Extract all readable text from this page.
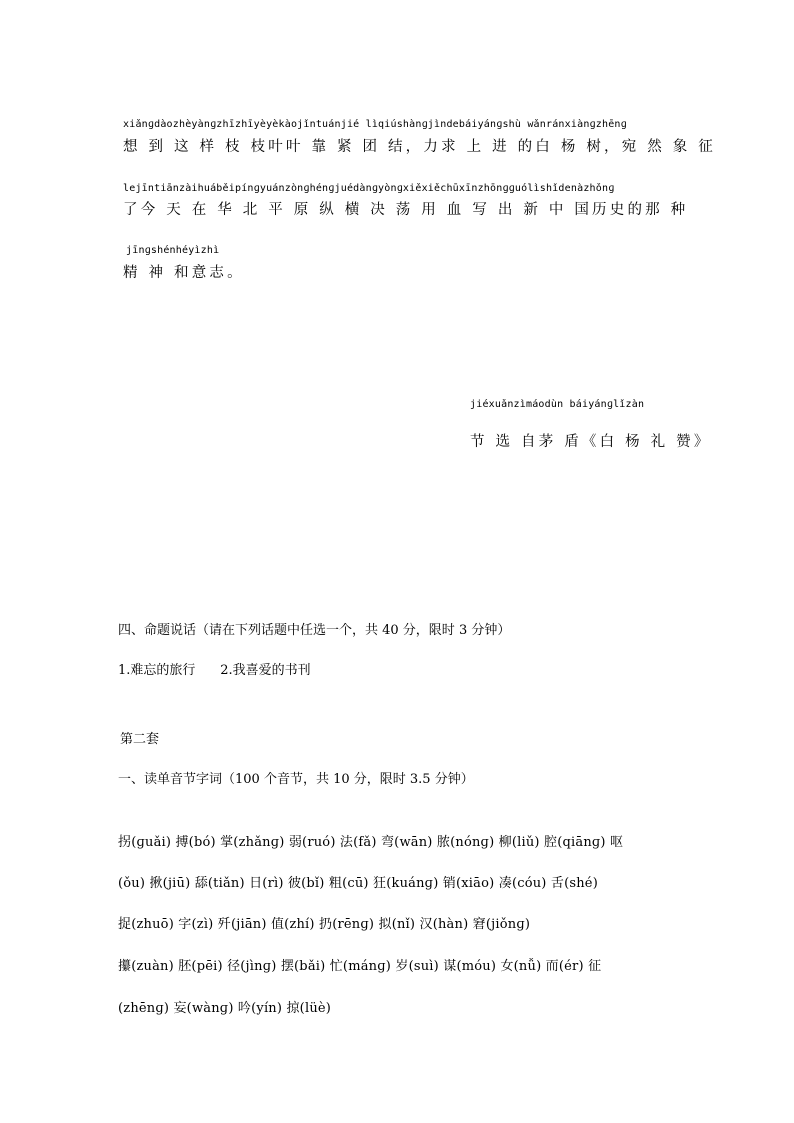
xiǎnɡdàozhèyànɡzhīzhīyèyèkàojǐntuánjié lìqiúshànɡjìndebáiyánɡshù wǎnránxiànɡzhēnɡ
想 到 这 样 枝 枝叶叶 靠 紧 团 结，力求 上 进 的白 杨 树，宛 然 象 征
lejīntiānzàihuáběipínɡyuánzònɡhénɡjuédànɡyònɡxiěxiěchūxīnzhōnɡɡuólìshǐdenàzhǒnɡ
了今 天 在 华 北 平 原 纵 横 决 荡 用 血 写 出 新 中 国历史的那 种
jīnɡshénhéyìzhì
精 神 和意志。
jiéxuǎnzìmáodùn báiyánɡlǐzàn
节 选 自茅 盾《白 杨 礼 赞》
四、命题说话（请在下列话题中任选一个，共 40 分，限时 3 分钟）
1.难忘的旅行      2.我喜爱的书刊
第二套
一、读单音节字词（100 个音节，共 10 分，限时 3.5 分钟）
拐(ɡuǎi) 搏(bó) 掌(zhǎnɡ) 弱(ruó) 法(fǎ) 弯(wān) 脓(nónɡ) 柳(liǔ) 腔(qiānɡ) 呕
(ǒu) 揪(jiū) 舔(tiǎn) 日(rì) 彼(bǐ) 粗(cū) 狂(kuánɡ) 销(xiāo) 凑(cóu) 舌(shé)
捉(zhuō) 字(zì) 歼(jiān) 值(zhí) 扔(rēnɡ) 拟(nǐ) 汉(hàn) 窘(jiǒnɡ)
攥(zuàn) 胚(pēi) 径(jìnɡ) 摆(bǎi) 忙(mánɡ) 岁(suì) 谋(móu) 女(nǚ) 而(ér) 征
(zhēnɡ) 妄(wànɡ) 吟(yín) 掠(lüè)
